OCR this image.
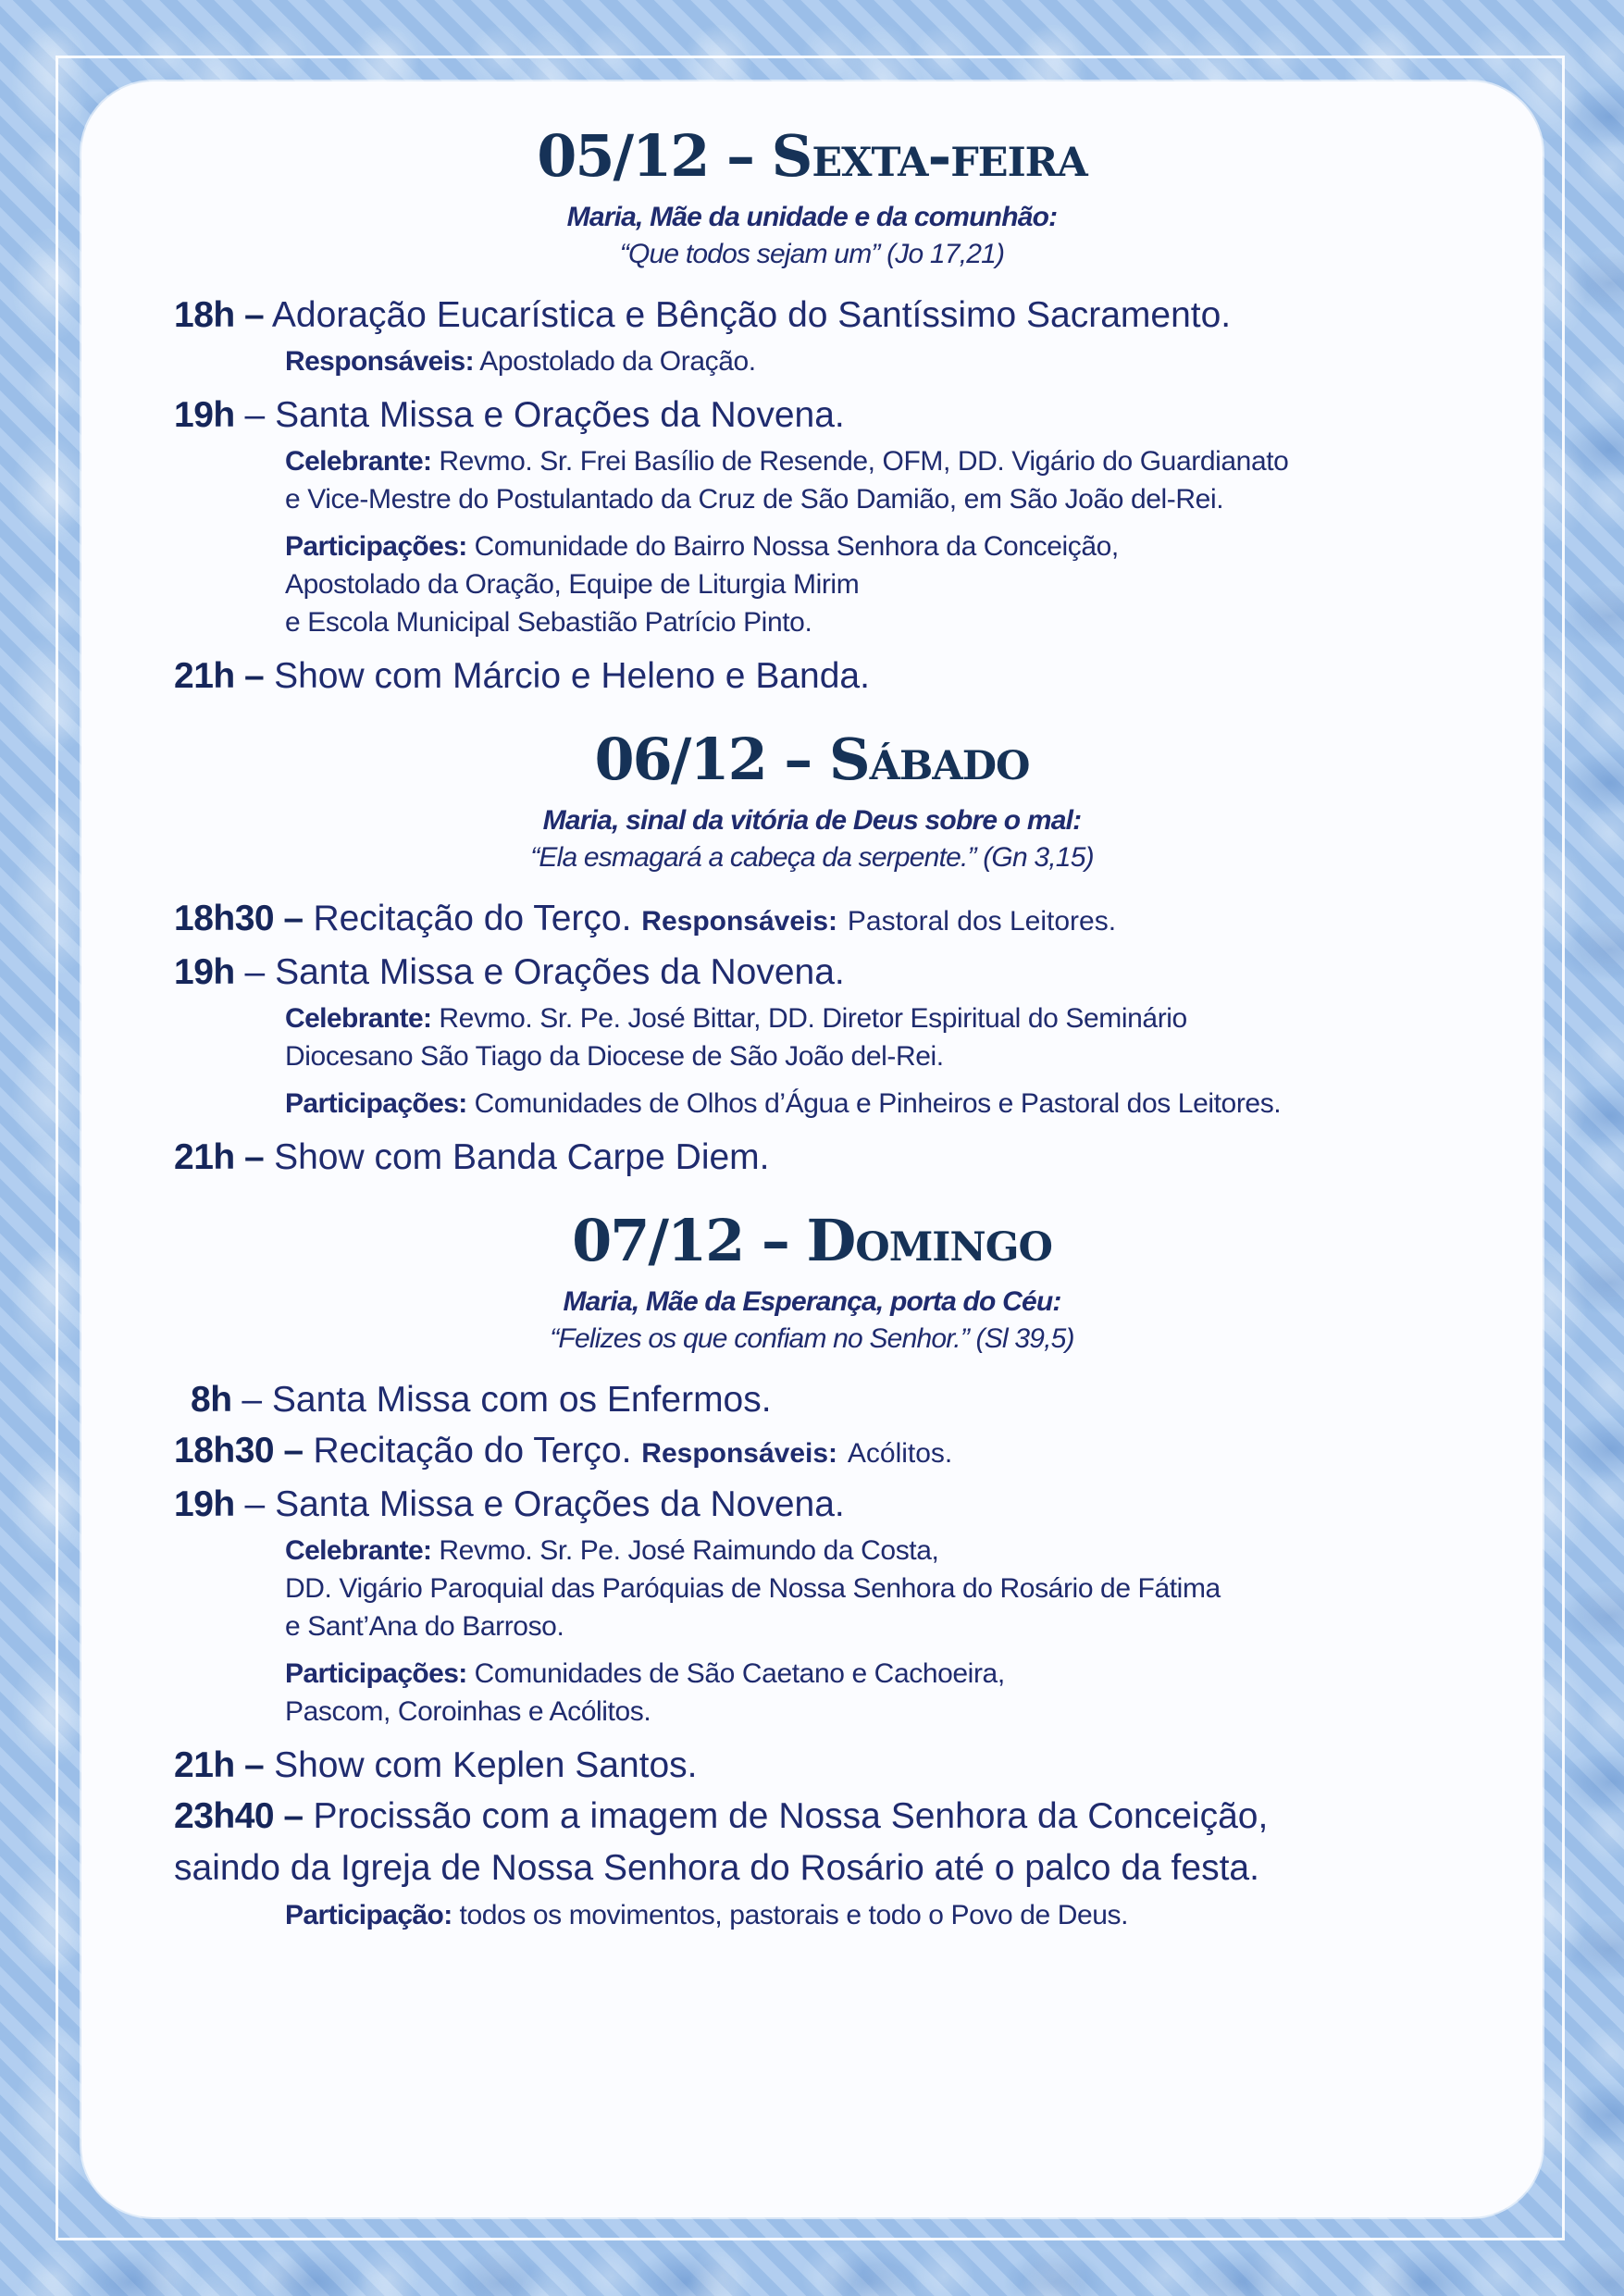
05/12 – Sexta-feira
Maria, Mãe da unidade e da comunhão:
“Que todos sejam um” (Jo 17,21)

18h – Adoração Eucarística e Bênção do Santíssimo Sacramento.

Responsáveis: Apostolado da Oração.

19h – Santa Missa e Orações da Novena.

Celebrante: Revmo. Sr. Frei Basílio de Resende, OFM, DD. Vigário do Guardianato
e Vice-Mestre do Postulantado da Cruz de São Damião, em São João del-Rei.
Participações: Comunidade do Bairro Nossa Senhora da Conceição,
Apostolado da Oração, Equipe de Liturgia Mirim
e Escola Municipal Sebastião Patrício Pinto.

21h – Show com Márcio e Heleno e Banda.

06/12 – Sábado
Maria, sinal da vitória de Deus sobre o mal:
“Ela esmagará a cabeça da serpente.” (Gn 3,15)

18h30 – Recitação do Terço. Responsáveis: Pastoral dos Leitores.

19h – Santa Missa e Orações da Novena.

Celebrante: Revmo. Sr. Pe. José Bittar, DD. Diretor Espiritual do Seminário
Diocesano São Tiago da Diocese de São João del-Rei.
Participações: Comunidades de Olhos d’Água e Pinheiros e Pastoral dos Leitores.

21h – Show com Banda Carpe Diem.

07/12 – Domingo
Maria, Mãe da Esperança, porta do Céu:
“Felizes os que confiam no Senhor.” (Sl 39,5)

8h – Santa Missa com os Enfermos.

18h30 – Recitação do Terço. Responsáveis: Acólitos.

19h – Santa Missa e Orações da Novena.

Celebrante: Revmo. Sr. Pe. José Raimundo da Costa,
DD. Vigário Paroquial das Paróquias de Nossa Senhora do Rosário de Fátima
e Sant’Ana do Barroso.
Participações: Comunidades de São Caetano e Cachoeira,
Pascom, Coroinhas e Acólitos.

21h – Show com Keplen Santos.

23h40 – Procissão com a imagem de Nossa Senhora da Conceição,
saindo da Igreja de Nossa Senhora do Rosário até o palco da festa.

Participação: todos os movimentos, pastorais e todo o Povo de Deus.
